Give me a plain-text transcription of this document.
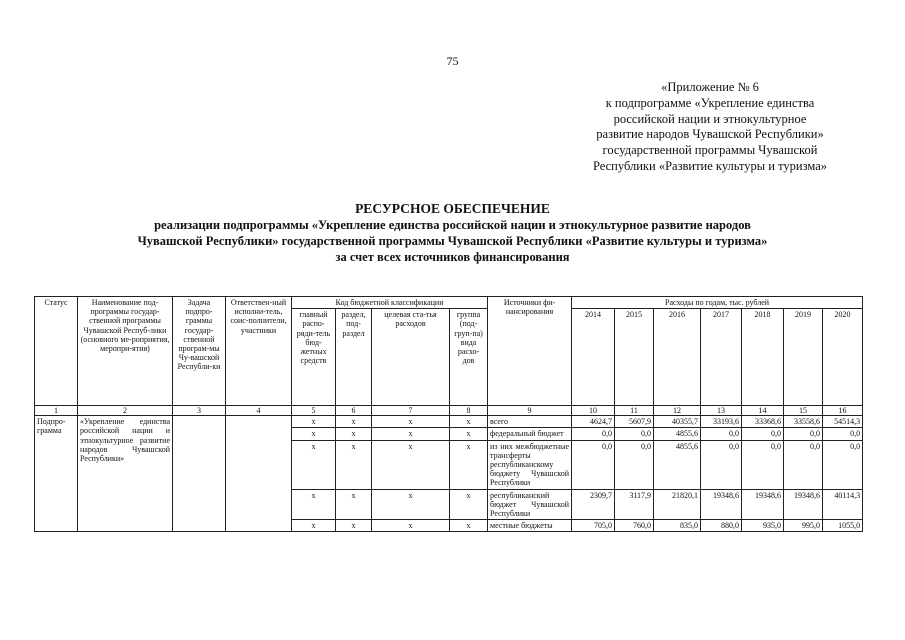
75
«Приложение № 6
к подпрограмме «Укрепление единства
российской нации и этнокультурное
развитие народов Чувашской Республики»
государственной программы Чувашской
Республики «Развитие культуры и туризма»
РЕСУРСНОЕ ОБЕСПЕЧЕНИЕ
реализации подпрограммы «Укрепление единства российской нации и этнокультурное развитие народов
Чувашской Республики» государственной программы Чувашской Республики «Развитие культуры и туризма»
за счет всех источников финансирования
Статус	Наименование под-программы государ-ственной программы Чувашской Респуб-лики (основного ме-роприятия, меропри-ятия)	Задача подпро-граммы государ-ственной програм-мы Чу-вашской Республи-ки	Ответствен-ный исполни-тель, соис-полнители, участники	Код бюджетной классификации				Источники фи-нансирования	Расходы по годам, тыс. рублей						
				главный распо-ряди-тель бюд-жетных средств	раздел, под-раздел	целевая ста-тья расходов	группа (под-груп-па) вида расхо-дов		2014	2015	2016	2017	2018	2019	2020
1	2	3	4	5	6	7	8	9	10	11	12	13	14	15	16
Подпро-грамма	«Укрепление единства российской нации и этнокультурное развитие народов Чувашской Республики»			x	x	x	x	всего	4624,7	5607,9	40355,7	33193,6	33368,6	33558,6	54514,3
				x	x	x	x	федеральный бюджет	0,0	0,0	4855,6	0,0	0,0	0,0	0,0
				x	x	x	x	из них межбюджетные трансферты республиканскому бюджету Чувашской Республики	0,0	0,0	4855,6	0,0	0,0	0,0	0,0
				x	x	x	x	республиканский бюджет Чувашской Республики	2309,7	3117,9	21820,1	19348,6	19348,6	19348,6	40114,3
				x	x	x	x	местные бюджеты	705,0	760,0	835,0	880,0	935,0	995,0	1055,0
